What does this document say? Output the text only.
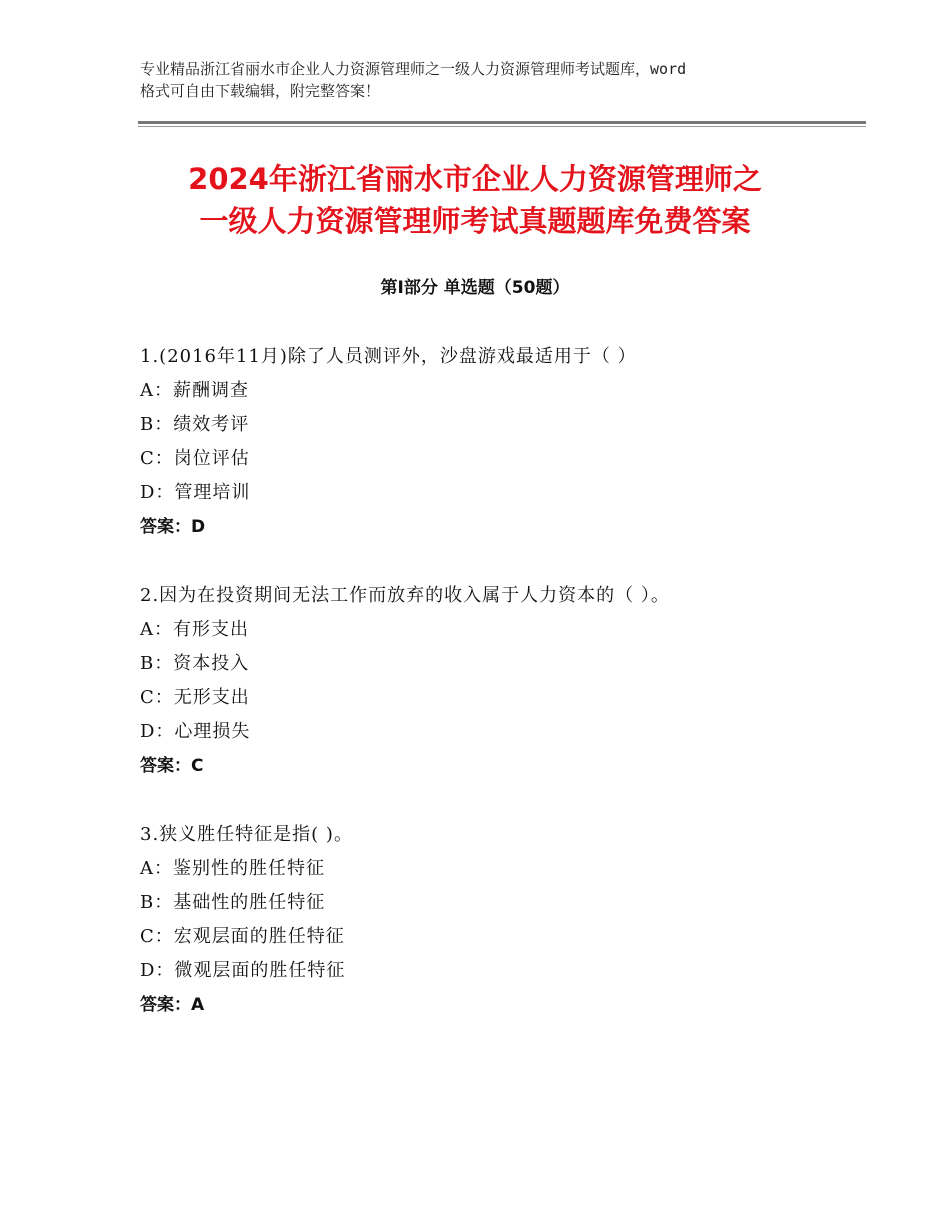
专业精品浙江省丽水市企业人力资源管理师之一级人力资源管理师考试题库，word

格式可自由下载编辑，附完整答案！

2024年浙江省丽水市企业人力资源管理师之
一级人力资源管理师考试真题题库免费答案
第Ⅰ部分 单选题（50题）

1.(2016年11月)除了人员测评外，沙盘游戏最适用于（ ）

A：薪酬调查

B：绩效考评

C：岗位评估

D：管理培训

答案：D

2.因为在投资期间无法工作而放弃的收入属于人力资本的（ ）。

A：有形支出

B：资本投入

C：无形支出

D：心理损失

答案：C

3.狭义胜任特征是指( )。

A：鉴别性的胜任特征

B：基础性的胜任特征

C：宏观层面的胜任特征

D：微观层面的胜任特征

答案：A
